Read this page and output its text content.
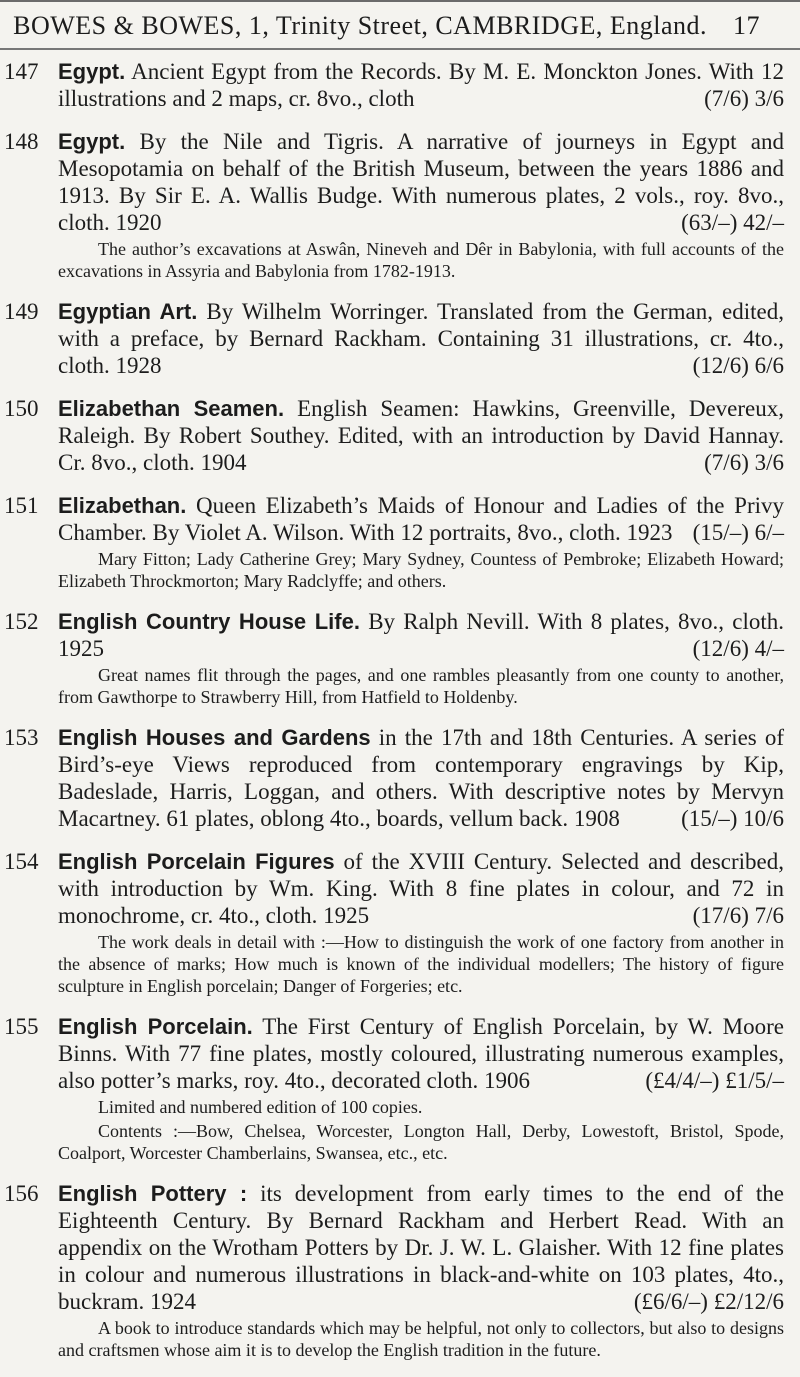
BOWES & BOWES, 1, Trinity Street, CAMBRIDGE, England. 17
147 Egypt. Ancient Egypt from the Records. By M. E. Monckton Jones. With 12 illustrations and 2 maps, cr. 8vo., cloth	(7/6) 3/6
148 Egypt. By the Nile and Tigris. A narrative of journeys in Egypt and Mesopotamia on behalf of the British Museum, between the years 1886 and 1913. By Sir E. A. Wallis Budge. With numerous plates, 2 vols., roy. 8vo., cloth. 1920	(63/–) 42/–
The author’s excavations at Aswân, Nineveh and Dêr in Babylonia, with full accounts of the excavations in Assyria and Babylonia from 1782-1913.
149 Egyptian Art. By Wilhelm Worringer. Translated from the German, edited, with a preface, by Bernard Rackham. Containing 31 illustrations, cr. 4to., cloth. 1928	(12/6) 6/6
150 Elizabethan Seamen. English Seamen: Hawkins, Greenville, Devereux, Raleigh. By Robert Southey. Edited, with an introduction by David Hannay. Cr. 8vo., cloth. 1904	(7/6) 3/6
151 Elizabethan. Queen Elizabeth’s Maids of Honour and Ladies of the Privy Chamber. By Violet A. Wilson. With 12 portraits, 8vo., cloth. 1923 (15/–) 6/–
Mary Fitton; Lady Catherine Grey; Mary Sydney, Countess of Pembroke; Elizabeth Howard; Elizabeth Throckmorton; Mary Radclyffe; and others.
152 English Country House Life. By Ralph Nevill. With 8 plates, 8vo., cloth. 1925	(12/6) 4/–
Great names flit through the pages, and one rambles pleasantly from one county to another, from Gawthorpe to Strawberry Hill, from Hatfield to Holdenby.
153 English Houses and Gardens in the 17th and 18th Centuries. A series of Bird’s-eye Views reproduced from contemporary engravings by Kip, Badeslade, Harris, Loggan, and others. With descriptive notes by Mervyn Macartney. 61 plates, oblong 4to., boards, vellum back. 1908	(15/–) 10/6
154 English Porcelain Figures of the XVIII Century. Selected and described, with introduction by Wm. King. With 8 fine plates in colour, and 72 in monochrome, cr. 4to., cloth. 1925	(17/6) 7/6
The work deals in detail with :—How to distinguish the work of one factory from another in the absence of marks; How much is known of the individual modellers; The history of figure sculpture in English porcelain; Danger of Forgeries; etc.
155 English Porcelain. The First Century of English Porcelain, by W. Moore Binns. With 77 fine plates, mostly coloured, illustrating numerous examples, also potter’s marks, roy. 4to., decorated cloth. 1906	(£4/4/–) £1/5/–
Limited and numbered edition of 100 copies.
Contents :—Bow, Chelsea, Worcester, Longton Hall, Derby, Lowestoft, Bristol, Spode, Coalport, Worcester Chamberlains, Swansea, etc., etc.
156 English Pottery : its development from early times to the end of the Eighteenth Century. By Bernard Rackham and Herbert Read. With an appendix on the Wrotham Potters by Dr. J. W. L. Glaisher. With 12 fine plates in colour and numerous illustrations in black-and-white on 103 plates, 4to., buckram. 1924	(£6/6/–) £2/12/6
A book to introduce standards which may be helpful, not only to collectors, but also to designs and craftsmen whose aim it is to develop the English tradition in the future.
